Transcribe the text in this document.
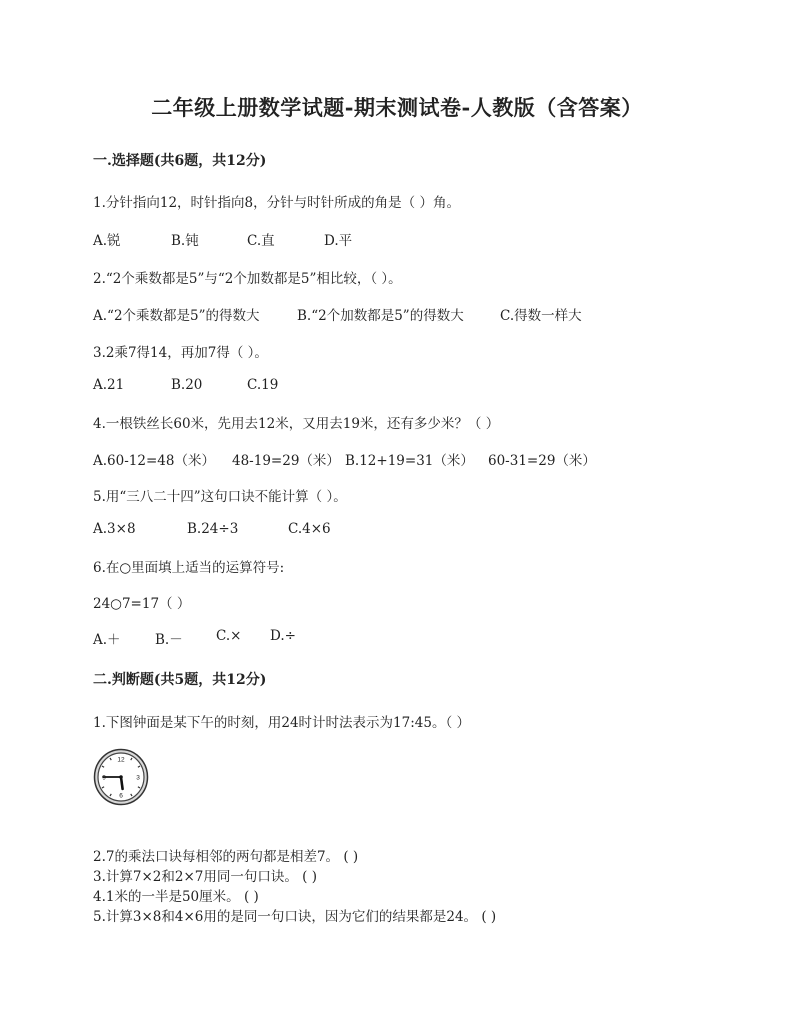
二年级上册数学试题-期末测试卷-人教版（含答案）
一.选择题(共6题，共12分)
1.分针指向12，时针指向8，分针与时针所成的角是（ ）角。
A.锐	B.钝	C.直	D.平
2.“2个乘数都是5”与“2个加数都是5”相比较，（ ）。
A.“2个乘数都是5”的得数大	B.“2个加数都是5”的得数大	C.得数一样大
3.2乘7得14，再加7得（ ）。
A.21	B.20	C.19
4.一根铁丝长60米，先用去12米，又用去19米，还有多少米？（ ）
A.60-12=48（米） 48-19=29（米） B.12+19=31（米） 60-31=29（米）
5.用“三八二十四”这句口诀不能计算（ ）。
A.3×8	B.24÷3	C.4×6
6.在○里面填上适当的运算符号:
24○7=17（ ）
A.＋	B.－ C.× D.÷
二.判断题(共5题，共12分)
1.下图钟面是某下午的时刻，用24时计时法表示为17:45。（ ）
12
3
6
9
2.7的乘法口诀每相邻的两句都是相差7。 ( )
3.计算7×2和2×7用同一句口诀。 ( )
4.1米的一半是50厘米。 ( )
5.计算3×8和4×6用的是同一句口诀，因为它们的结果都是24。 ( )
